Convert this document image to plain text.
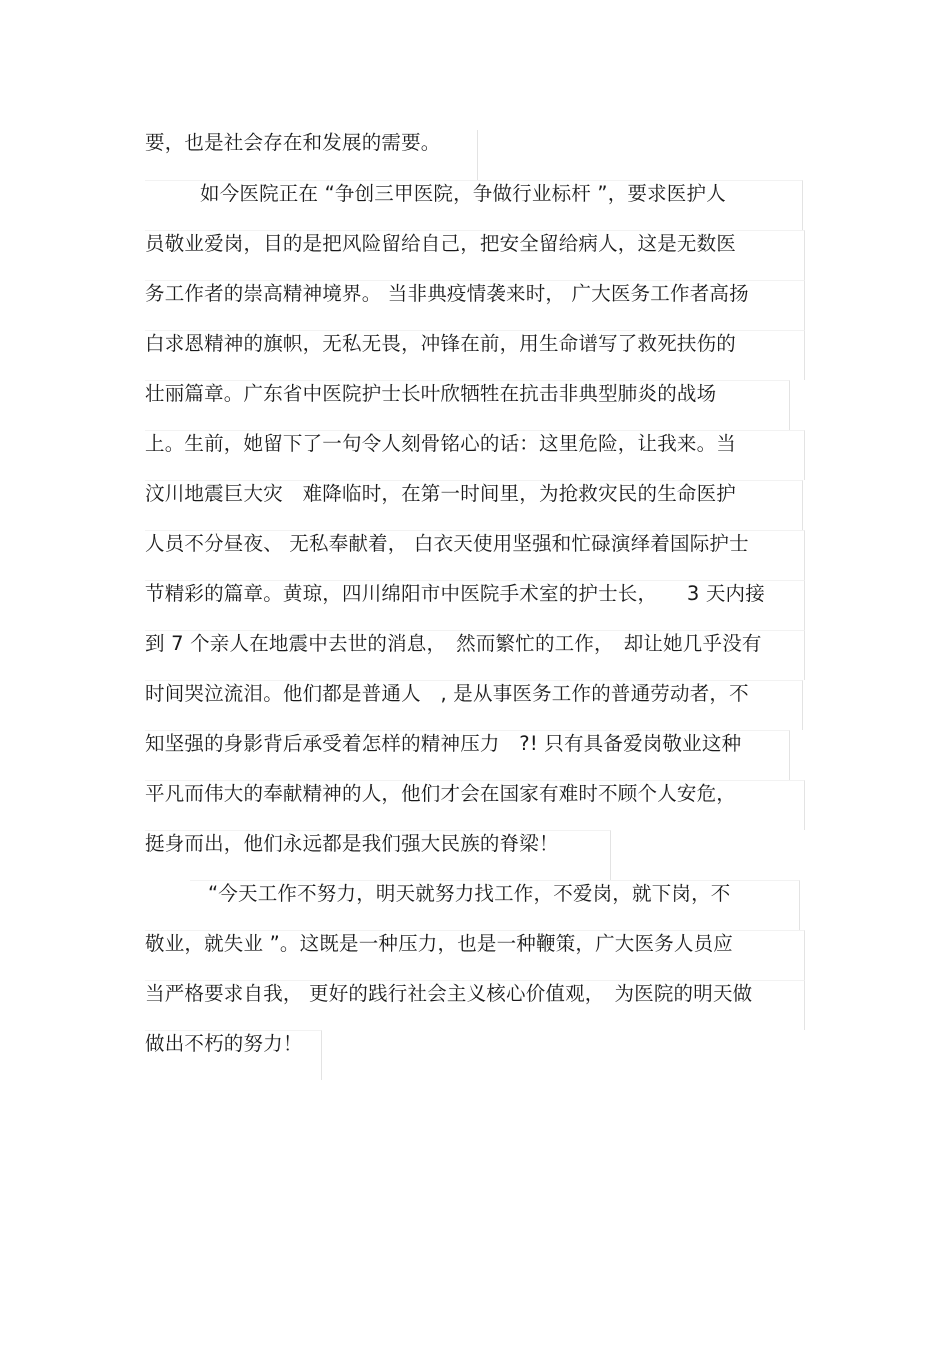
要，也是社会存在和发展的需要。
如今医院正在 “争创三甲医院，争做行业标杆 ”，要求医护人
员敬业爱岗，目的是把风险留给自己，把安全留给病人，这是无数医
务工作者的崇高精神境界。 当非典疫情袭来时， 广大医务工作者高扬
白求恩精神的旗帜，无私无畏，冲锋在前，用生命谱写了救死扶伤的
壮丽篇章。广东省中医院护士长叶欣牺牲在抗击非典型肺炎的战场
上。生前，她留下了一句令人刻骨铭心的话：这里危险，让我来。当
汶川地震巨大灾　难降临时，在第一时间里，为抢救灾民的生命医护
人员不分昼夜、 无私奉献着， 白衣天使用坚强和忙碌演绎着国际护士
节精彩的篇章。黄琼，四川绵阳市中医院手术室的护士长，　　3 天内接
到 7 个亲人在地震中去世的消息，　然而繁忙的工作，　却让她几乎没有
时间哭泣流泪。他们都是普通人　, 是从事医务工作的普通劳动者，不
知坚强的身影背后承受着怎样的精神压力　?! 只有具备爱岗敬业这种
平凡而伟大的奉献精神的人，他们才会在国家有难时不顾个人安危，
挺身而出，他们永远都是我们强大民族的脊梁！
“今天工作不努力，明天就努力找工作，不爱岗，就下岗，不
敬业，就失业 ”。这既是一种压力，也是一种鞭策，广大医务人员应
当严格要求自我， 更好的践行社会主义核心价值观，　为医院的明天做
做出不朽的努力！
